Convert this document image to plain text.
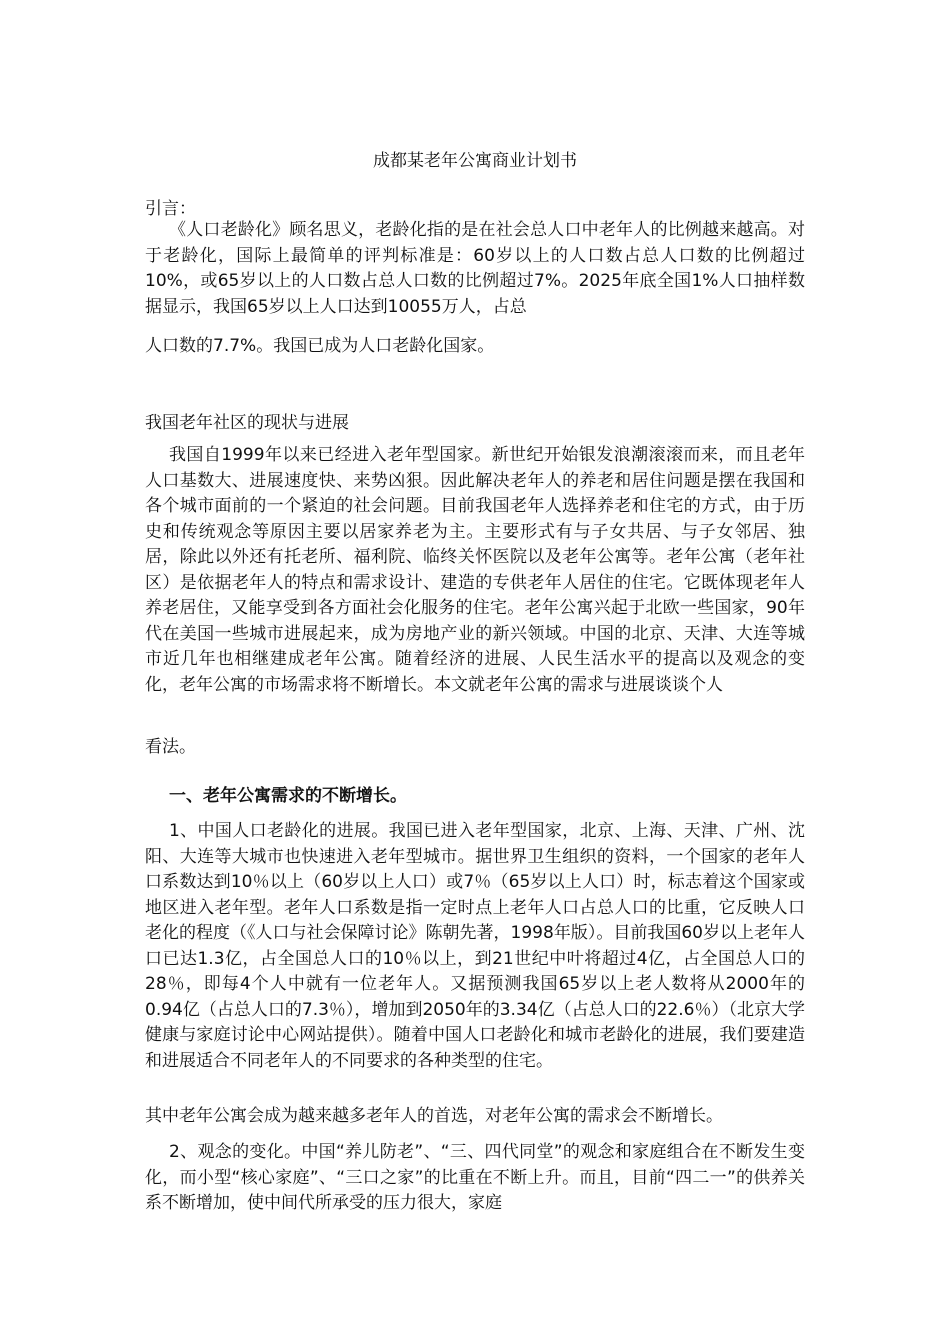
成都某老年公寓商业计划书

引言：

《人口老龄化》顾名思义，老龄化指的是在社会总人口中老年人的比例越来越高。对于老龄化，国际上最简单的评判标准是：60岁以上的人口数占总人口数的比例超过10%，或65岁以上的人口数占总人口数的比例超过7%。2025年底全国1%人口抽样数据显示，我国65岁以上人口达到10055万人，占总

人口数的7.7%。我国已成为人口老龄化国家。

我国老年社区的现状与进展

我国自1999年以来已经进入老年型国家。新世纪开始银发浪潮滚滚而来，而且老年人口基数大、进展速度快、来势凶狠。因此解决老年人的养老和居住问题是摆在我国和各个城市面前的一个紧迫的社会问题。目前我国老年人选择养老和住宅的方式，由于历史和传统观念等原因主要以居家养老为主。主要形式有与子女共居、与子女邻居、独居，除此以外还有托老所、福利院、临终关怀医院以及老年公寓等。老年公寓（老年社区）是依据老年人的特点和需求设计、建造的专供老年人居住的住宅。它既体现老年人养老居住，又能享受到各方面社会化服务的住宅。老年公寓兴起于北欧一些国家，90年代在美国一些城市进展起来，成为房地产业的新兴领域。中国的北京、天津、大连等城市近几年也相继建成老年公寓。随着经济的进展、人民生活水平的提高以及观念的变化，老年公寓的市场需求将不断增长。本文就老年公寓的需求与进展谈谈个人

看法。

一、老年公寓需求的不断增长。

1、中国人口老龄化的进展。我国已进入老年型国家，北京、上海、天津、广州、沈阳、大连等大城市也快速进入老年型城市。据世界卫生组织的资料，一个国家的老年人口系数达到10％以上（60岁以上人口）或7％（65岁以上人口）时，标志着这个国家或地区进入老年型。老年人口系数是指一定时点上老年人口占总人口的比重，它反映人口老化的程度（《人口与社会保障讨论》陈朝先著，1998年版）。目前我国60岁以上老年人口已达1.3亿，占全国总人口的10％以上，到21世纪中叶将超过4亿，占全国总人口的28％，即每4个人中就有一位老年人。又据预测我国65岁以上老人数将从2000年的0.94亿（占总人口的7.3％），增加到2050年的3.34亿（占总人口的22.6％）（北京大学健康与家庭讨论中心网站提供）。随着中国人口老龄化和城市老龄化的进展，我们要建造和进展适合不同老年人的不同要求的各种类型的住宅。

其中老年公寓会成为越来越多老年人的首选，对老年公寓的需求会不断增长。

2、观念的变化。中国“养儿防老”、“三、四代同堂”的观念和家庭组合在不断发生变化，而小型“核心家庭”、“三口之家”的比重在不断上升。而且，目前“四二一”的供养关系不断增加，使中间代所承受的压力很大，家庭
